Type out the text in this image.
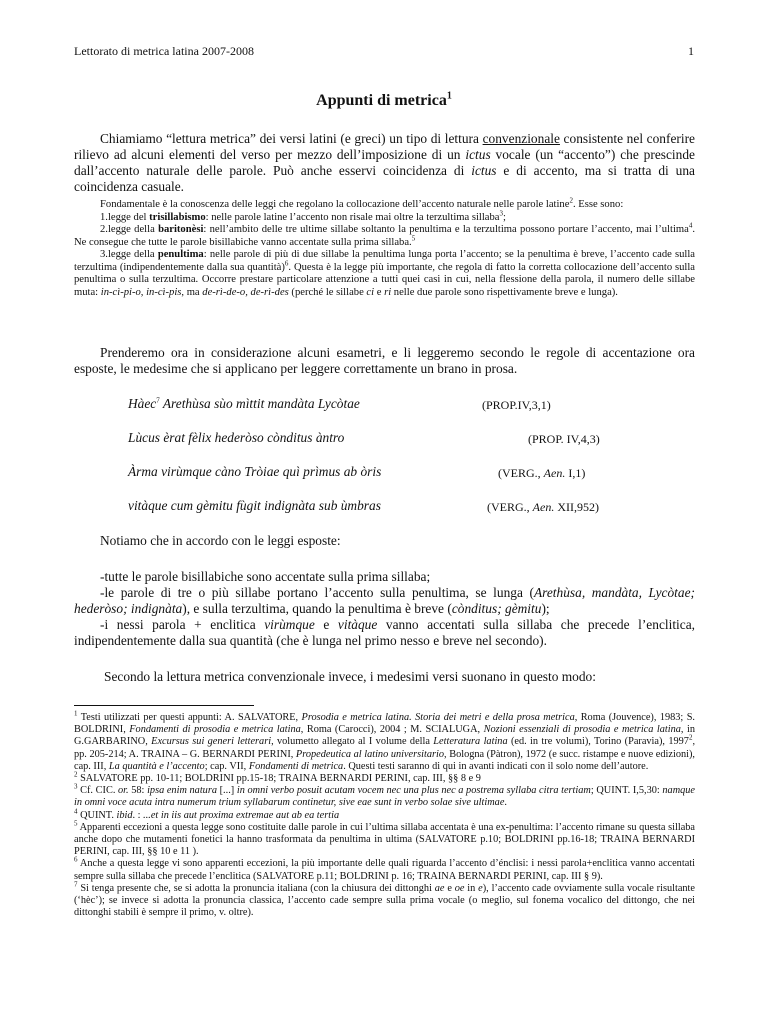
Lettorato di metrica latina 2007-2008	1
Appunti di metrica$^1$
Chiamiamo “lettura metrica” dei versi latini (e greci) un tipo di lettura convenzionale consistente nel conferire rilievo ad alcuni elementi del verso per mezzo dell’imposizione di un ictus vocale (un “accento”) che prescinde dall’accento naturale delle parole. Può anche esservi coincidenza di ictus e di accento, ma si tratta di una coincidenza casuale.

Fondamentale è la conoscenza delle leggi che regolano la collocazione dell’accento naturale nelle parole latine$^2$. Esse sono:

1.legge del trisillabismo: nelle parole latine l’accento non risale mai oltre la terzultima sillaba$^3$;

2.legge della baritonèsi: nell’ambito delle tre ultime sillabe soltanto la penultima e la terzultima possono portare l’accento, mai l’ultima$^4$. Ne consegue che tutte le parole bisillabiche vanno accentate sulla prima sillaba.$^5$

3.legge della penultima: nelle parole di più di due sillabe la penultima lunga porta l’accento; se la penultima è breve, l’accento cade sulla terzultima (indipendentemente dalla sua quantità)$^6$. Questa è la legge più importante, che regola di fatto la corretta collocazione dell’accento sulla penultima o sulla terzultima. Occorre prestare particolare attenzione a tutti quei casi in cui, nella flessione della parola, il numero delle sillabe muta: in-cì-pi-o, in-cì-pis, ma de-rì-de-o, de-rì-des (perché le sillabe ci e ri nelle due parole sono rispettivamente breve e lunga).

Prenderemo ora in considerazione alcuni esametri, e li leggeremo secondo le regole di accentazione ora esposte, le medesime che si applicano per leggere correttamente un brano in prosa.
Hàec$^7$ Arethùsa sùo mìttit mandàta Lycòtae	(PROP.IV,3,1)
Lùcus èrat fèlix hederòso cònditus àntro	(PROP. IV,4,3)
Àrma virùmque càno Tròiae quì prìmus ab òris	(VERG., Aen. I,1)
vitàque cum gèmitu fùgit indignàta sub ùmbras	(VERG., Aen. XII,952)
Notiamo che in accordo con le leggi esposte:

-tutte le parole bisillabiche sono accentate sulla prima sillaba;

-le parole di tre o più sillabe portano l’accento sulla penultima, se lunga (Arethùsa, mandàta, Lycòtae; hederòso; indignàta), e sulla terzultima, quando la penultima è breve (cònditus; gèmitu);

-i nessi parola + enclitica virùmque e vitàque vanno accentati sulla sillaba che precede l’enclitica, indipendentemente dalla sua quantità (che è lunga nel primo nesso e breve nel secondo).

Secondo la lettura metrica convenzionale invece, i medesimi versi suonano in questo modo:

$^1$ Testi utilizzati per questi appunti: A. SALVATORE, Prosodia e metrica latina. Storia dei metri e della prosa metrica, Roma (Jouvence), 1983; S. BOLDRINI, Fondamenti di prosodia e metrica latina, Roma (Carocci), 2004 ; M. SCIALUGA, Nozioni essenziali di prosodia e metrica latina, in G.GARBARINO, Excursus sui generi letterari, volumetto allegato al I volume della Letteratura latina (ed. in tre volumi), Torino (Paravia), 1997$^2$, pp. 205-214; A. TRAINA – G. BERNARDI PERINI, Propedeutica al latino universitario, Bologna (Pàtron), 1972 (e succ. ristampe e nuove edizioni), cap. III, La quantità e l’accento; cap. VII, Fondamenti di metrica. Questi testi saranno di qui in avanti indicati con il solo nome dell’autore.

$^2$ SALVATORE pp. 10-11; BOLDRINI pp.15-18; TRAINA BERNARDI PERINI, cap. III, §§ 8 e 9

$^3$ Cf. CIC. or. 58: ipsa enim natura [...] in omni verbo posuit acutam vocem nec una plus nec a postrema syllaba citra tertiam; QUINT. I,5,30: namque in omni voce acuta intra numerum trium syllabarum continetur, sive eae sunt in verbo solae sive ultimae.

$^4$ QUINT. ibid. : ...et in iis aut proxima extremae aut ab ea tertia

$^5$ Apparenti eccezioni a questa legge sono costituite dalle parole in cui l’ultima sillaba accentata è una ex-penultima: l’accento rimane su questa sillaba anche dopo che mutamenti fonetici la hanno trasformata da penultima in ultima (SALVATORE p.10; BOLDRINI pp.16-18; TRAINA BERNARDI PERINI, cap. III, §§ 10 e 11 ).

$^6$ Anche a questa legge vi sono apparenti eccezioni, la più importante delle quali riguarda l’accento d’énclisi: i nessi parola+enclitica vanno accentati sempre sulla sillaba che precede l’enclitica (SALVATORE p.11; BOLDRINI p. 16; TRAINA BERNARDI PERINI, cap. III § 9).

$^7$ Si tenga presente che, se si adotta la pronuncia italiana (con la chiusura dei dittonghi ae e oe in e), l’accento cade ovviamente sulla vocale risultante (‘hèc’); se invece si adotta la pronuncia classica, l’accento cade sempre sulla prima vocale (o meglio, sul fonema vocalico del dittongo, che nei dittonghi stabili è sempre il primo, v. oltre).
